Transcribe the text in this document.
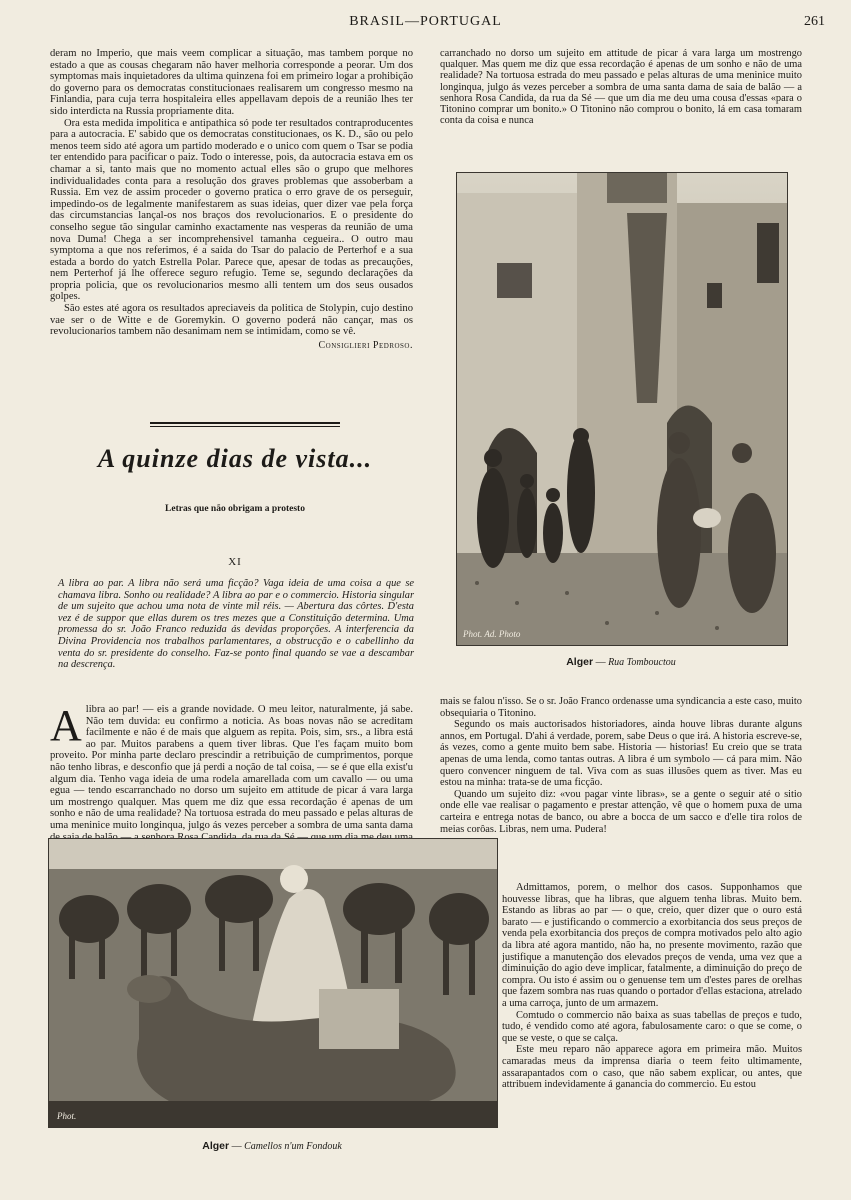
BRASIL—PORTUGAL	261

deram no Imperio, que mais veem complicar a situação, mas tambem porque no estado a que as cousas chegaram não haver melhoria corresponde a peorar. Um dos symptomas mais inquietadores da ultima quinzena foi em primeiro logar a prohibição do governo para os democratas constitucionaes realisarem um congresso mesmo na Finlandia, para cuja terra hospitaleira elles appellavam depois de a reunião lhes ter sido interdicta na Russia propriamente dita.

Ora esta medida impolitica e antipathica só pode ter resultados contraproducentes para a autocracia. E' sabido que os democratas constitucionaes, os K. D., são ou pelo menos teem sido até agora um partido moderado e o unico com quem o Tsar se podia ter entendido para pacificar o paiz. Todo o interesse, pois, da autocracia estava em os chamar a si, tanto mais que no momento actual elles são o grupo que melhores individualidades conta para a resolução dos graves problemas que assoberbam a Russia. Em vez de assim proceder o governo pratica o erro grave de os perseguir, impedindo-os de legalmente manifestarem as suas ideias, quer dizer vae pela força das circumstancias lançal-os nos braços dos revolucionarios. E o presidente do conselho segue tão singular caminho exactamente nas vesperas da reunião de uma nova Duma! Chega a ser incomprehensivel tamanha cegueira.. O outro mau symptoma a que nos referimos, é a saida do Tsar do palacio de Perterhof e a sua estada a bordo do yatch Estrella Polar. Parece que, apesar de todas as precauções, nem Perterhof já lhe offerece seguro refugio. Teme se, segundo declarações da propria policia, que os revolucionarios mesmo alli tentem um dos seus ousados golpes.

São estes até agora os resultados apreciaveis da politica de Stolypin, cujo destino vae ser o de Witte e de Goremykin. O governo poderá não cançar, mas os revolucionarios tambem não desanimam nem se intimidam, como se vê.

Consiglieri Pedroso.
A quinze dias de vista...
Letras que não obrigam a protesto
XI
A libra ao par. A libra não será uma ficção? Vaga ideia de uma coisa a que se chamava libra. Sonho ou realidade? A libra ao par e o commercio. Historia singular de um sujeito que achou uma nota de vinte mil réis. — Abertura das côrtes. D'esta vez é de suppor que ellas durem os tres mezes que a Constituição determina. Uma promessa do sr. João Franco reduzida ás devidas proporções. A interferencia da Divina Providencia nos trabalhos parlamentares, a obstrucção e o cabellinho da venta do sr. presidente do conselho. Faz-se ponto final quando se vae a descambar na descrença.
A libra ao par! — eis a grande novidade. O meu leitor, naturalmente, já sabe. Não tem duvida: eu confirmo a noticia. As boas novas não se acreditam facilmente e não é de mais que alguem as repita. Pois, sim, srs., a libra está ao par. Muitos parabens a quem tiver libras. Que l'es façam muito bom proveito. Por minha parte declaro prescindir a retribuição de cumprimentos, porque não tenho libras, e desconfio que já perdi a noção de tal coisa, — se é que ella exist'u algum dia. Tenho vaga ideia de uma rodela amarellada com um cavallo — ou uma egua — tendo escarranchado no dorso um sujeito em attitude de picar á vara larga um mostrengo qualquer. Mas quem me diz que essa recordação é apenas de um sonho e não de uma realidade? Na tortuosa estrada do meu passado e pelas alturas de uma meninice muito longinqua, julgo ás vezes perceber a sombra de uma santa dama

carranchado no dorso um sujeito em attitude de picar á vara larga um mostrengo qualquer. Mas quem me diz que essa recordação é apenas de um sonho e não de uma realidade? Na tortuosa estrada do meu passado e pelas alturas de uma meninice muito longinqua, julgo ás vezes perceber a sombra de uma santa dama de saia de balão — a senhora Rosa Candida, da rua da Sé — que um dia me deu uma cousa d'essas «para o Titonino comprar um bonito.» O Titonino não comprou o bonito, lá em casa tomaram conta da coisa e nunca

Phot. Ad. Photo
Alger — Rua Tombouctou

mais se falou n'isso. Se o sr. João Franco ordenasse uma syndicancia a este caso, muito obsequiaria o Titonino.

Segundo os mais auctorisados historiadores, ainda houve libras durante alguns annos, em Portugal. D'ahi á verdade, porem, sabe Deus o que irá. A historia escreve-se, ás vezes, como a gente muito bem sabe. Historia — historias! Eu creio que se trata apenas de uma lenda, como tantas outras. A libra é um symbolo — cá para mim. Não quero convencer ninguem de tal. Viva com as suas illusões quem as tiver. Mas eu estou na minha: trata-se de uma ficção.

Quando um sujeito diz: «vou pagar vinte libras», se a gente o seguir até o sitio onde elle vae realisar o pagamento e prestar attenção, vê que o homem puxa de uma carteira e entrega notas de banco, ou abre a bocca de um sacco e d'elle tira rolos de meias corôas. Libras, nem uma. Pudera!

Phot.
Alger — Camellos n'um Fondouk

Admittamos, porem, o melhor dos casos. Supponhamos que houvesse libras, que ha libras, que alguem tenha libras. Muito bem. Estando as libras ao par — o que, creio, quer dizer que o ouro está barato — e justificando o commercio a exorbitancia dos seus preços de venda pela exorbitancia dos preços de compra motivados pelo alto agio da libra até agora mantido, não ha, no presente movimento, razão que justifique a manutenção dos elevados preços de venda, uma vez que a diminuição do agio deve implicar, fatalmente, a diminuição do preço de compra. Ou isto é assim ou o genuense tem um d'estes pares de orelhas que fazem sombra nas ruas quando o portador d'ellas estaciona, atrelado a uma carroça, junto de um armazem.

Comtudo o commercio não baixa as suas tabellas de preços e tudo, tudo, é vendido como até agora, fabulosamente caro: o que se come, o que se veste, o que se calça.

Este meu reparo não apparece agora em primeira mão. Muitos camaradas meus da imprensa diaria o teem feito ultimamente, assarapantados com o caso, que não sabem explicar, ou antes, que attribuem indevidamente á ganancia do commercio. Eu estou
